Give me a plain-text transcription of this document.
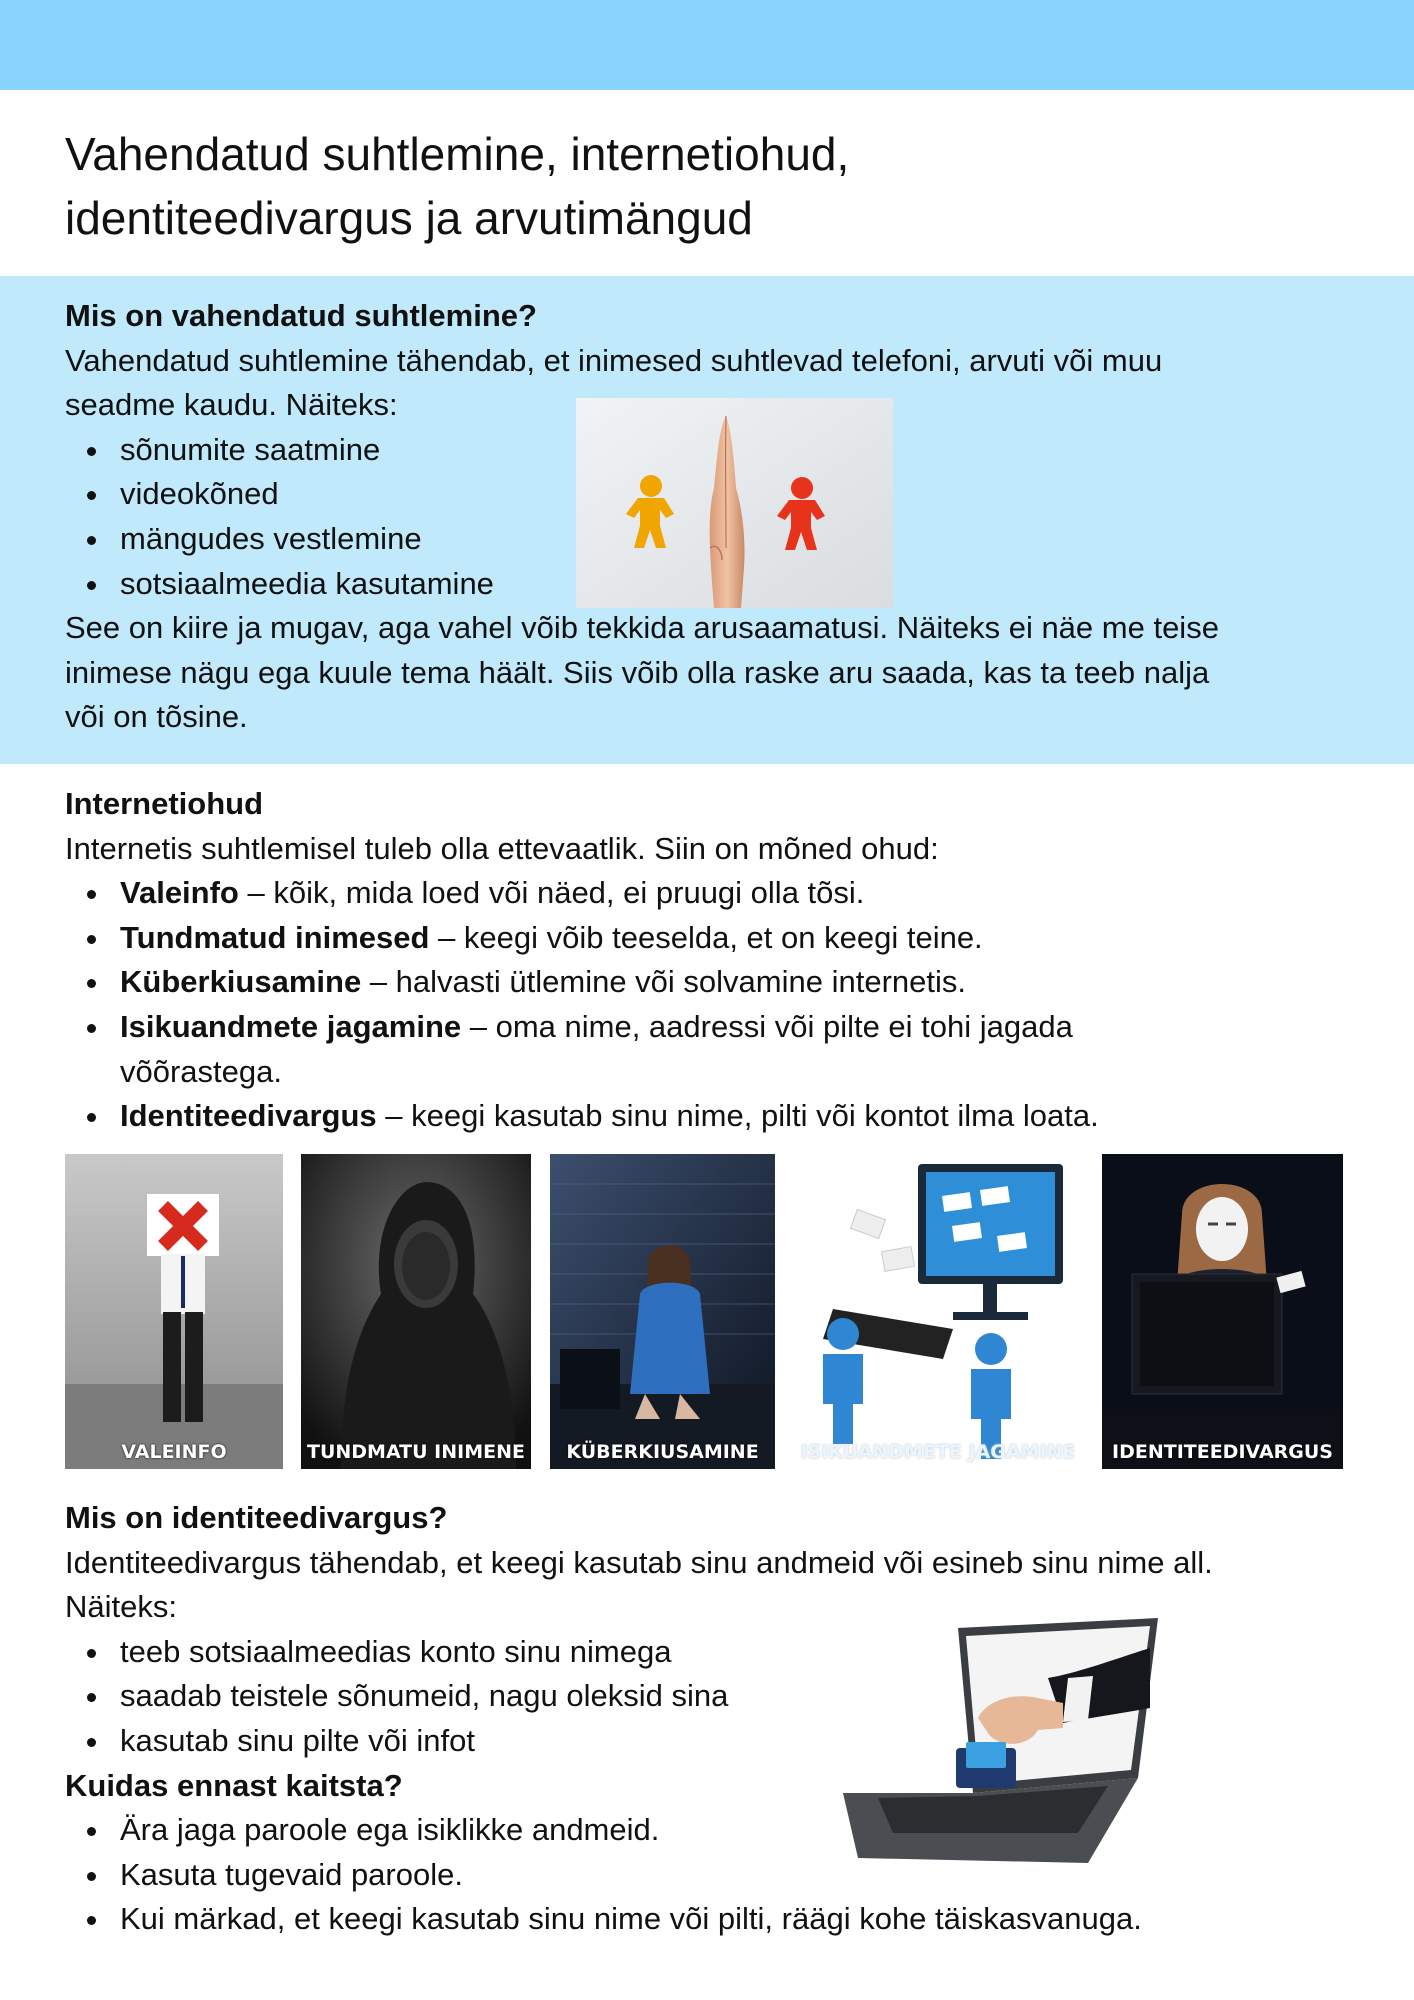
Vahendatud suhtlemine, internetiohud,
identiteedivargus ja arvutimängud
Mis on vahendatud suhtlemine?

Vahendatud suhtlemine tähendab, et inimesed suhtlevad telefoni, arvuti või muu

seadme kaudu. Näiteks:

sõnumite saatmine
videokõned
mängudes vestlemine
sotsiaalmeedia kasutamine

See on kiire ja mugav, aga vahel võib tekkida arusaamatusi. Näiteks ei näe me teise

inimese nägu ega kuule tema häält. Siis võib olla raske aru saada, kas ta teeb nalja

või on tõsine.

Internetiohud

Internetis suhtlemisel tuleb olla ettevaatlik. Siin on mõned ohud:

Valeinfo – kõik, mida loed või näed, ei pruugi olla tõsi.
Tundmatud inimesed – keegi võib teeselda, et on keegi teine.
Küberkiusamine – halvasti ütlemine või solvamine internetis.
Isikuandmete jagamine – oma nime, aadressi või pilte ei tohi jagada võõrastega.
Identiteedivargus – keegi kasutab sinu nime, pilti või kontot ilma loata.
VALEINFO	TUNDMATU INIMENE	KÜBERKIUSAMINE	ISIKUANDMETE JAGAMINE	IDENTITEEDIVARGUS
Mis on identiteedivargus?

Identiteedivargus tähendab, et keegi kasutab sinu andmeid või esineb sinu nime all.

Näiteks:

teeb sotsiaalmeedias konto sinu nimega
saadab teistele sõnumeid, nagu oleksid sina
kasutab sinu pilte või infot
Kuidas ennast kaitsta?
Ära jaga paroole ega isiklikke andmeid.
Kasuta tugevaid paroole.
Kui märkad, et keegi kasutab sinu nime või pilti, räägi kohe täiskasvanuga.
